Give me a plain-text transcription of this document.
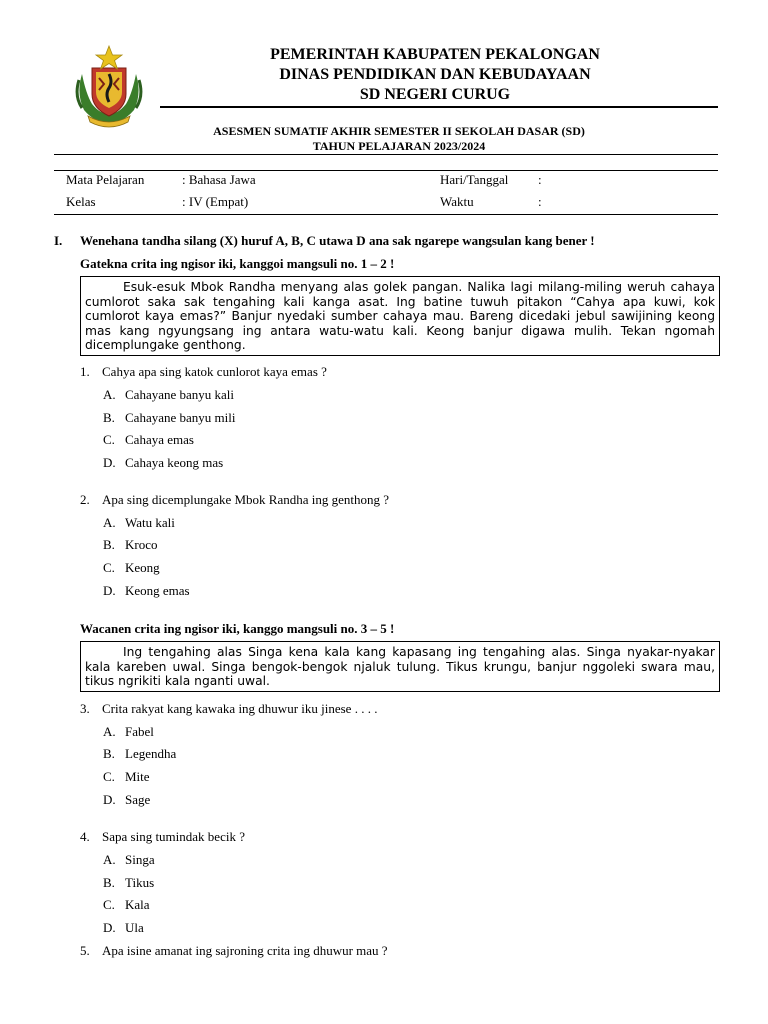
PEMERINTAH KABUPATEN PEKALONGAN
DINAS PENDIDIKAN DAN KEBUDAYAAN
SD NEGERI CURUG
ASESMEN SUMATIF AKHIR SEMESTER II SEKOLAH DASAR (SD)
TAHUN PELAJARAN 2023/2024
Mata Pelajaran	: Bahasa Jawa	Hari/Tanggal :
Kelas	: IV (Empat)	Waktu	:
I. Wenehana tandha silang (X) huruf A, B, C utawa D ana sak ngarepe wangsulan kang bener !
Gatekna crita ing ngisor iki, kanggoi mangsuli no. 1 – 2 !

Esuk-esuk Mbok Randha menyang alas golek pangan. Nalika lagi milang-miling weruh cahaya cumlorot saka sak tengahing kali kanga asat. Ing batine tuwuh pitakon “Cahya apa kuwi, kok cumlorot kaya emas?” Banjur nyedaki sumber cahaya mau. Bareng dicedaki jebul sawijining keong mas kang ngyungsang ing antara watu-watu kali. Keong banjur digawa mulih. Tekan ngomah dicemplungake genthong.

1. Cahya apa sing katok cunlorot kaya emas ?
A. Cahayane banyu kali
B. Cahayane banyu mili
C. Cahaya emas
D. Cahaya keong mas
2. Apa sing dicemplungake Mbok Randha ing genthong ?
A. Watu kali
B. Kroco
C. Keong
D. Keong emas
Wacanen crita ing ngisor iki, kanggo mangsuli no. 3 – 5 !

Ing tengahing alas Singa kena kala kang kapasang ing tengahing alas. Singa nyakar-nyakar kala kareben uwal. Singa bengok-bengok njaluk tulung. Tikus krungu, banjur nggoleki swara mau, tikus ngrikiti kala nganti uwal.

3. Crita rakyat kang kawaka ing dhuwur iku jinese . . . .
A. Fabel
B. Legendha
C. Mite
D. Sage
4. Sapa sing tumindak becik ?
A. Singa
B. Tikus
C. Kala
D. Ula
5. Apa isine amanat ing sajroning crita ing dhuwur mau ?
